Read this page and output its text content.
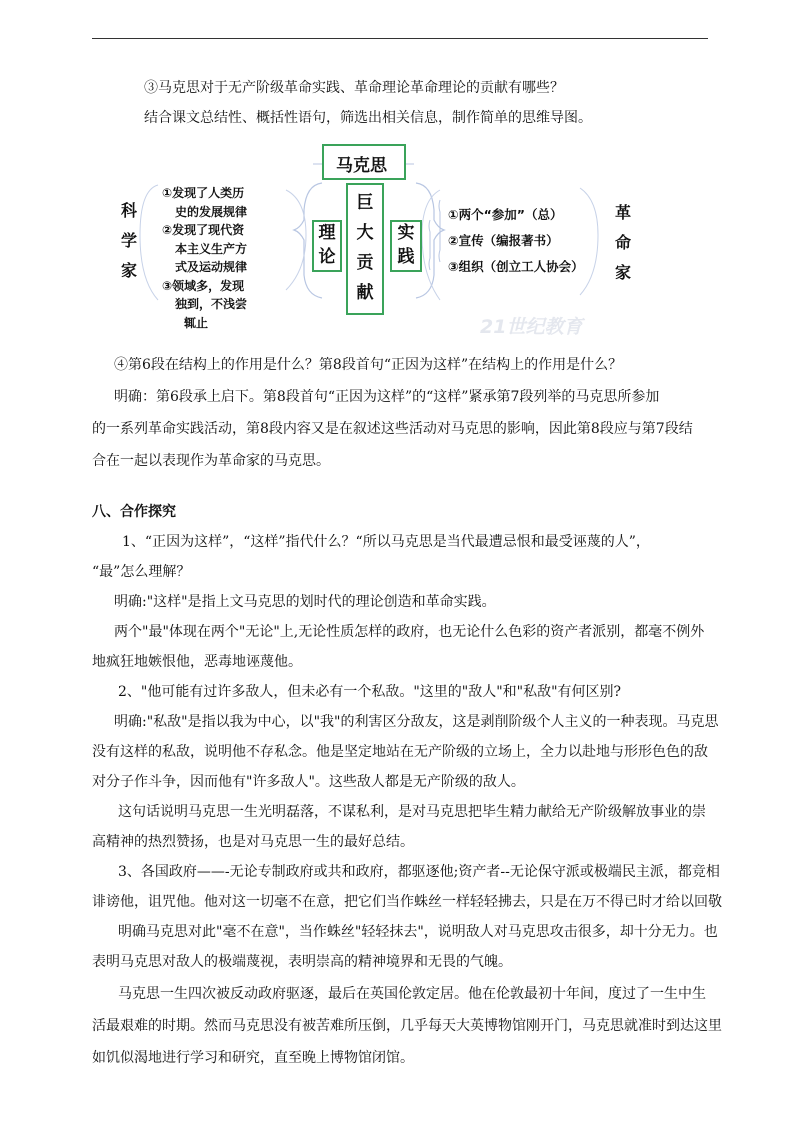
③马克思对于无产阶级革命实践、革命理论革命理论的贡献有哪些？
结合课文总结性、概括性语句，筛选出相关信息，制作简单的思维导图。
马克思
巨
大
贡
献
理
论
实
践
科
学
家
革
命
家
①发现了人类历
史的发展规律
②发现了现代资
本主义生产方
式及运动规律
③领域多，发现
独到，不浅尝
辄止
①两个“参加”（总）
②宣传（编报著书）
③组织（创立工人协会）
21世纪教育
④第6段在结构上的作用是什么？第8段首句“正因为这样”在结构上的作用是什么？
明确：第6段承上启下。第8段首句“正因为这样”的“这样”紧承第7段列举的马克思所参加
的一系列革命实践活动，第8段内容又是在叙述这些活动对马克思的影响，因此第8段应与第7段结
合在一起以表现作为革命家的马克思。
八、合作探究
1、“正因为这样”，“这样”指代什么？“所以马克思是当代最遭忌恨和最受诬蔑的人”，
“最”怎么理解？
明确:"这样"是指上文马克思的划时代的理论创造和革命实践。
两个"最"体现在两个"无论"上,无论性质怎样的政府，也无论什么色彩的资产者派别，都毫不例外
地疯狂地嫉恨他，恶毒地诬蔑他。
2、"他可能有过许多敌人，但未必有一个私敌。"这里的"敌人"和"私敌"有何区别?
明确:"私敌"是指以我为中心，以"我"的利害区分敌友，这是剥削阶级个人主义的一种表现。马克思
没有这样的私敌，说明他不存私念。他是坚定地站在无产阶级的立场上，全力以赴地与形形色色的敌
对分子作斗争，因而他有"许多敌人"。这些敌人都是无产阶级的敌人。
这句话说明马克思一生光明磊落，不谋私利，是对马克思把毕生精力献给无产阶级解放事业的崇
高精神的热烈赞扬，也是对马克思一生的最好总结。
3、各国政府——-无论专制政府或共和政府，都驱逐他;资产者--无论保守派或极端民主派，都竞相
诽谤他，诅咒他。他对这一切毫不在意，把它们当作蛛丝一样轻轻拂去，只是在万不得已时才给以回敬
明确马克思对此"毫不在意"，当作蛛丝"轻轻抹去"，说明敌人对马克思攻击很多，却十分无力。也
表明马克思对敌人的极端蔑视，表明崇高的精神境界和无畏的气魄。
马克思一生四次被反动政府驱逐，最后在英国伦敦定居。他在伦敦最初十年间，度过了一生中生
活最艰难的时期。然而马克思没有被苦难所压倒，几乎每天大英博物馆刚开门，马克思就准时到达这里
如饥似渴地进行学习和研究，直至晚上博物馆闭馆。
